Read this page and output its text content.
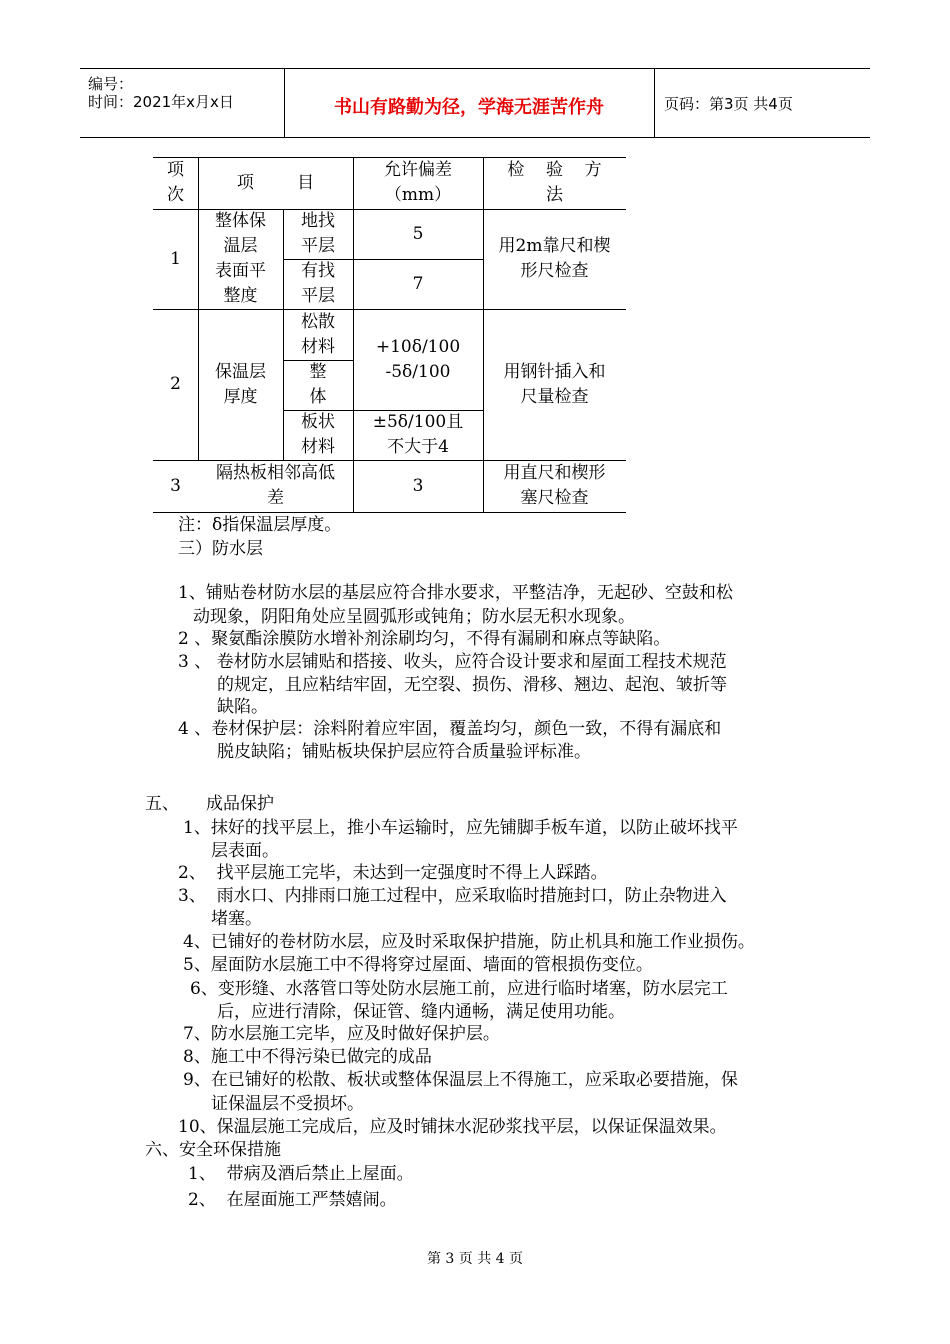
编号：
时间：2021年x月x日	书山有路勤为径，学海无涯苦作舟	页码：第3页 共4页
项
次
项        目
允许偏差
（mm）
检    验    方
法
1
整体保
温层
表面平
整度
地找
平层
5
有找
平层
7
用2m靠尺和楔
形尺检查
2
保温层
厚度
松散
材料
整
体
+10δ/100
-5δ/100
板状
材料
±5δ/100且
不大于4
用钢针插入和
尺量检查
3
隔热板相邻高低
差
3
用直尺和楔形
塞尺检查
注：δ指保温层厚度。
三）防水层
1、铺贴卷材防水层的基层应符合排水要求，平整洁净，无起砂、空鼓和松
动现象，阴阳角处应呈圆弧形或钝角；防水层无积水现象。
2 、聚氨酯涂膜防水增补剂涂刷均匀，不得有漏刷和麻点等缺陷。
3 、 卷材防水层铺贴和搭接、收头，应符合设计要求和屋面工程技术规范
的规定，且应粘结牢固，无空裂、损伤、滑移、翘边、起泡、皱折等
缺陷。
4 、卷材保护层：涂料附着应牢固，覆盖均匀，颜色一致，不得有漏底和
脱皮缺陷；铺贴板块保护层应符合质量验评标准。
五、     成品保护
1、抹好的找平层上，推小车运输时，应先铺脚手板车道，以防止破坏找平
层表面。
2、  找平层施工完毕，未达到一定强度时不得上人踩踏。
3、  雨水口、内排雨口施工过程中，应采取临时措施封口，防止杂物进入
堵塞。
4、已铺好的卷材防水层，应及时采取保护措施，防止机具和施工作业损伤。
5、屋面防水层施工中不得将穿过屋面、墙面的管根损伤变位。
6、变形缝、水落管口等处防水层施工前，应进行临时堵塞，防水层完工
后，应进行清除，保证管、缝内通畅，满足使用功能。
7、防水层施工完毕，应及时做好保护层。
8、施工中不得污染已做完的成品
9、在已铺好的松散、板状或整体保温层上不得施工，应采取必要措施，保
证保温层不受损坏。
10、保温层施工完成后，应及时铺抹水泥砂浆找平层，以保证保温效果。
六、安全环保措施
1、  带病及酒后禁止上屋面。
2、  在屋面施工严禁嬉闹。
第 3 页 共 4 页
